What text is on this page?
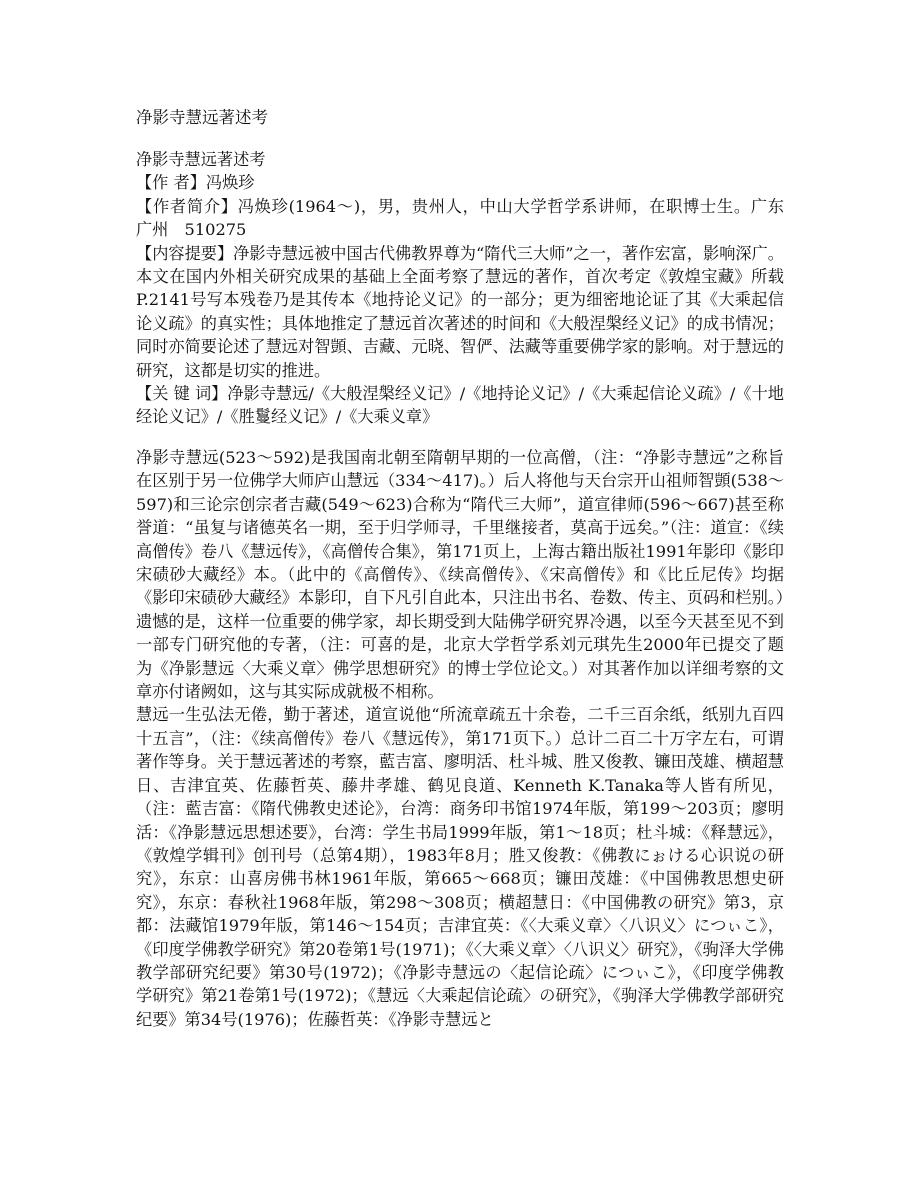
净影寺慧远著述考

净影寺慧远著述考

【作 者】冯焕珍

【作者简介】冯焕珍(1964～)，男，贵州人，中山大学哲学系讲师，在职博士生。广东　广州　510275

【内容提要】净影寺慧远被中国古代佛教界尊为“隋代三大师”之一，著作宏富，影响深广。本文在国内外相关研究成果的基础上全面考察了慧远的著作，首次考定《敦煌宝藏》所载P.2141号写本残卷乃是其传本《地持论义记》的一部分；更为细密地论证了其《大乘起信论义疏》的真实性；具体地推定了慧远首次著述的时间和《大般涅槃经义记》的成书情况；同时亦简要论述了慧远对智顗、吉藏、元晓、智俨、法藏等重要佛学家的影响。对于慧远的研究，这都是切实的推进。

【关 键 词】净影寺慧远/《大般涅槃经义记》/《地持论义记》/《大乘起信论义疏》/《十地经论义记》/《胜鬘经义记》/《大乘义章》

净影寺慧远(523～592)是我国南北朝至隋朝早期的一位高僧，（注：“净影寺慧远”之称旨在区别于另一位佛学大师庐山慧远（334～417)。）后人将他与天台宗开山祖师智顗(538～597)和三论宗创宗者吉藏(549～623)合称为“隋代三大师”，道宣律师(596～667)甚至称誉道：“虽复与诸德英名一期，至于归学师寻，千里继接者，莫高于远矣。”（注：道宣：《续高僧传》卷八《慧远传》，《高僧传合集》，第171页上，上海古籍出版社1991年影印《影印宋碛砂大藏经》本。（此中的《高僧传》、《续高僧传》、《宋高僧传》和《比丘尼传》均据《影印宋碛砂大藏经》本影印，自下凡引自此本，只注出书名、卷数、传主、页码和栏别。）遗憾的是，这样一位重要的佛学家，却长期受到大陆佛学研究界冷遇，以至今天甚至见不到一部专门研究他的专著，（注：可喜的是，北京大学哲学系刘元琪先生2000年已提交了题为《净影慧远〈大乘义章〉佛学思想研究》的博士学位论文。）对其著作加以详细考察的文章亦付诸阙如，这与其实际成就极不相称。

慧远一生弘法无倦，勤于著述，道宣说他“所流章疏五十余卷，二千三百余纸，纸别九百四十五言”，（注：《续高僧传》卷八《慧远传》，第171页下。）总计二百二十万字左右，可谓著作等身。关于慧远著述的考察，藍吉富、廖明活、杜斗城、胜又俊教、镰田茂雄、横超慧日、吉津宜英、佐藤哲英、藤井孝雄、鹤见良道、Kenneth K.Tanaka等人皆有所见，（注：藍吉富：《隋代佛教史述论》，台湾：商务印书馆1974年版，第199～203页；廖明活：《净影慧远思想述要》，台湾：学生书局1999年版，第1～18页；杜斗城：《释慧远》，《敦煌学辑刊》创刊号（总第4期），1983年8月；胜又俊教：《佛教にぉける心识说の研究》，东京：山喜房佛书林1961年版，第665～668页；镰田茂雄：《中国佛教思想史研究》，东京：春秋社1968年版，第298～308页；横超慧日：《中国佛教の研究》第3，京都：法藏馆1979年版，第146～154页；吉津宜英：《〈大乘义章〉〈八识义〉につぃこ》，《印度学佛教学研究》第20卷第1号(1971)；《〈大乘义章〉〈八识义〉研究》，《驹泽大学佛教学部研究纪要》第30号(1972)；《净影寺慧远の〈起信论疏〉につぃこ》，《印度学佛教学研究》第21卷第1号(1972)；《慧远〈大乘起信论疏〉の研究》，《驹泽大学佛教学部研究纪要》第34号(1976)；佐藤哲英：《净影寺慧远と
